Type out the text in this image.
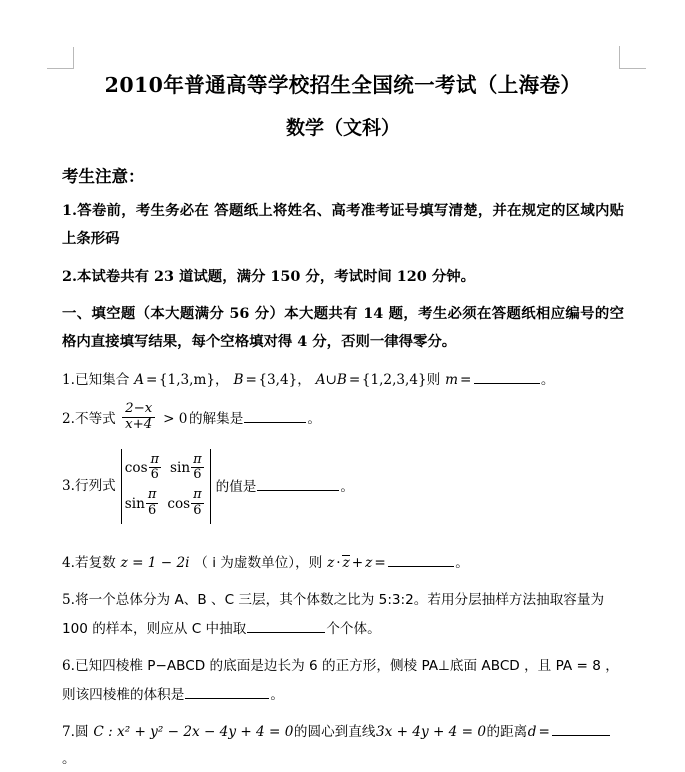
2010年普通高等学校招生全国统一考试（上海卷）
数学（文科）
考生注意：
1.答卷前，考生务必在 答题纸上将姓名、高考准考证号填写清楚，并在规定的区域内贴上条形码
2.本试卷共有 23 道试题，满分 150 分，考试时间 120 分钟。
一、填空题（本大题满分 56 分）本大题共有 14 题，考生必须在答题纸相应编号的空格内直接填写结果，每个空格填对得 4 分，否则一律得零分。
1.已知集合 A = {1,3,m}， B = {3,4}， A∪B = {1,2,3,4}则 m =	。
2.不等式 $\frac{2-x}{x+4} > 0$ 的解集是	。
3.行列式
$\cos \frac{\pi}{6}$ $\sin \frac{\pi}{6}$
$\sin \frac{\pi}{6}$ $\cos \frac{\pi}{6}$
的值是	。
4.若复数 z = 1 − 2i （ i 为虚数单位），则 z · z + z =	。
5.将一个总体分为 A、B 、C 三层，其个体数之比为 5:3:2。若用分层抽样方法抽取容量为
100 的样本，则应从 C 中抽取	个个体。
6.已知四棱椎 P−ABCD 的底面是边长为 6 的正方形，侧棱 PA⊥底面 ABCD ，且 PA = 8 ，
则该四棱椎的体积是	。
7.圆 C : x² + y² − 2x − 4y + 4 = 0的圆心到直线3x + 4y + 4 = 0的距离d =。
